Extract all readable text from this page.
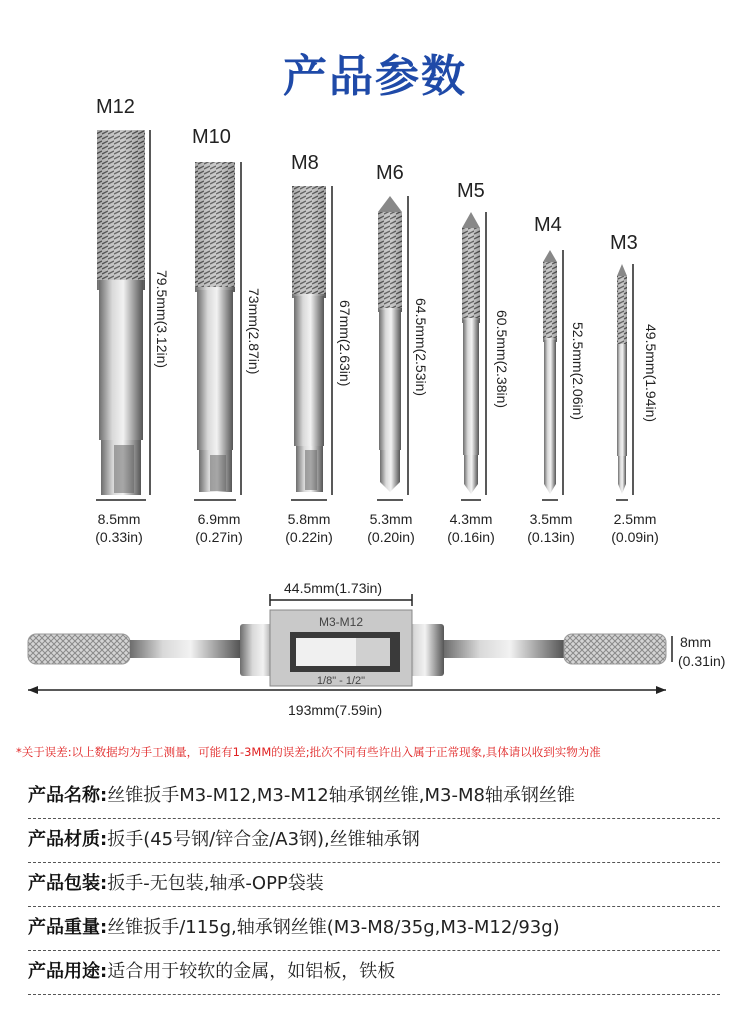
产品参数
M12
M10
M8	M6
M5
M4
M3
79.5mm(3.12in)	73mm(2.87in)	67mm(2.63in)	64.5mm(2.53in)	60.5mm(2.38in)	52.5mm(2.06in)	49.5mm(1.94in)
8.5mm
(0.33in)
6.9mm
(0.27in)
5.8mm
(0.22in)
5.3mm
(0.20in)
4.3mm
(0.16in)
3.5mm
(0.13in)
2.5mm
(0.09in)
M3-M12
1/8" - 1/2"
44.5mm(1.73in)
8mm
(0.31in)
193mm(7.59in)
*关于误差:以上数据均为手工测量，可能有1-3MM的误差;批次不同有些许出入属于正常现象,具体请以收到实物为准
产品名称:丝锥扳手M3-M12,M3-M12轴承钢丝锥,M3-M8轴承钢丝锥
产品材质:扳手(45号钢/锌合金/A3钢),丝锥轴承钢
产品包装:扳手-无包装,轴承-OPP袋装
产品重量:丝锥扳手/115g,轴承钢丝锥(M3-M8/35g,M3-M12/93g)
产品用途:适合用于较软的金属，如铝板，铁板
